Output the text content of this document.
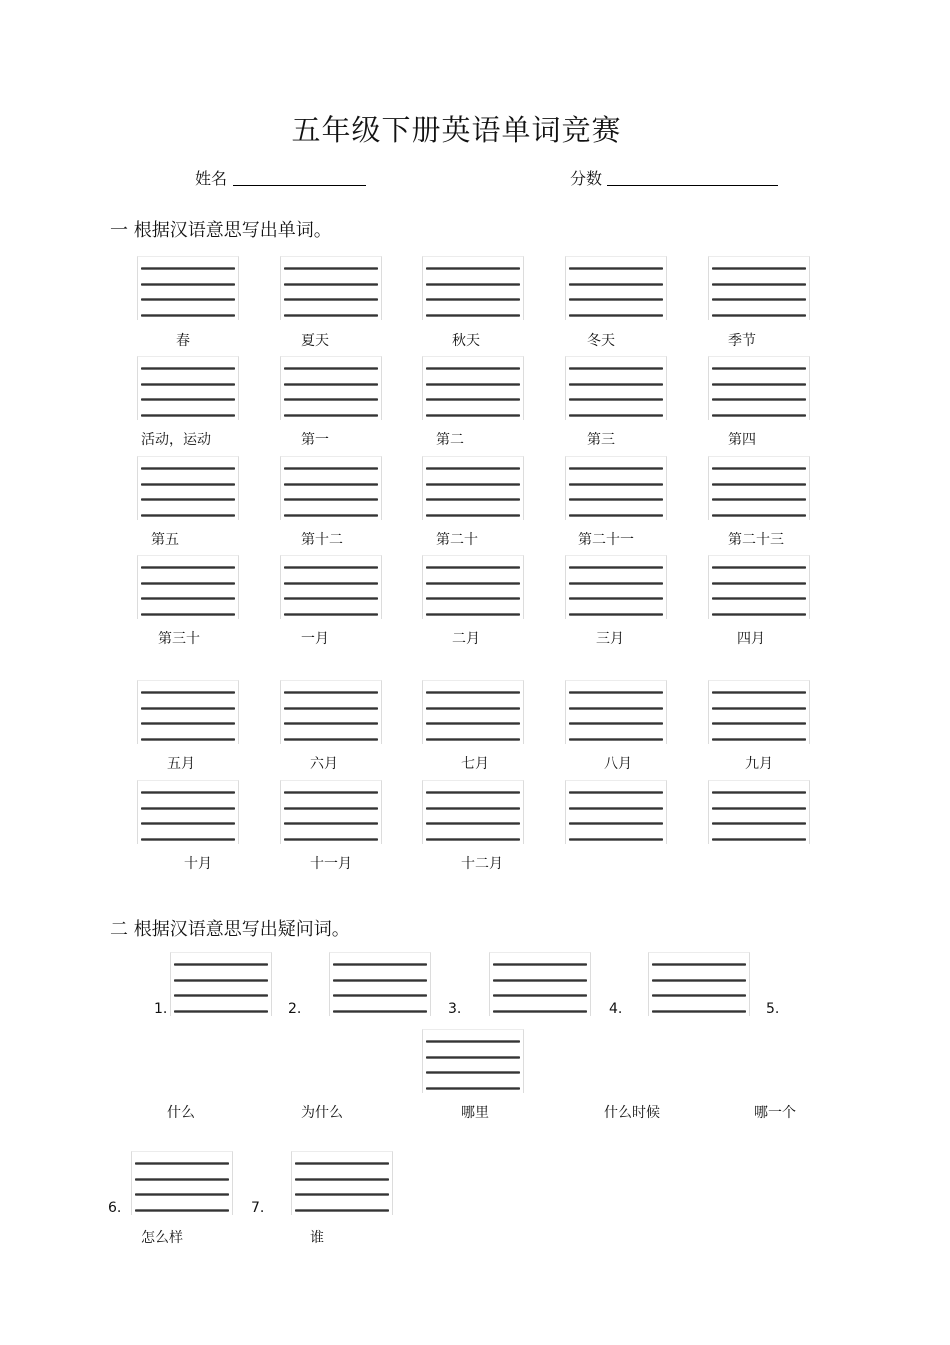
五年级下册英语单词竞赛
姓名	分数
一 根据汉语意思写出单词。
春	夏天	秋天	冬天	季节
活动，运动	第一	第二	第三	第四
第五	第十二	第二十	第二十一	第二十三
第三十	一月	二月	三月	四月
五月	六月	七月	八月	九月
十月	十一月	十二月
二 根据汉语意思写出疑问词。
1.	2.	3.	4.	5.
6.	7.
什么	为什么	哪里	什么时候	哪一个
怎么样	谁
